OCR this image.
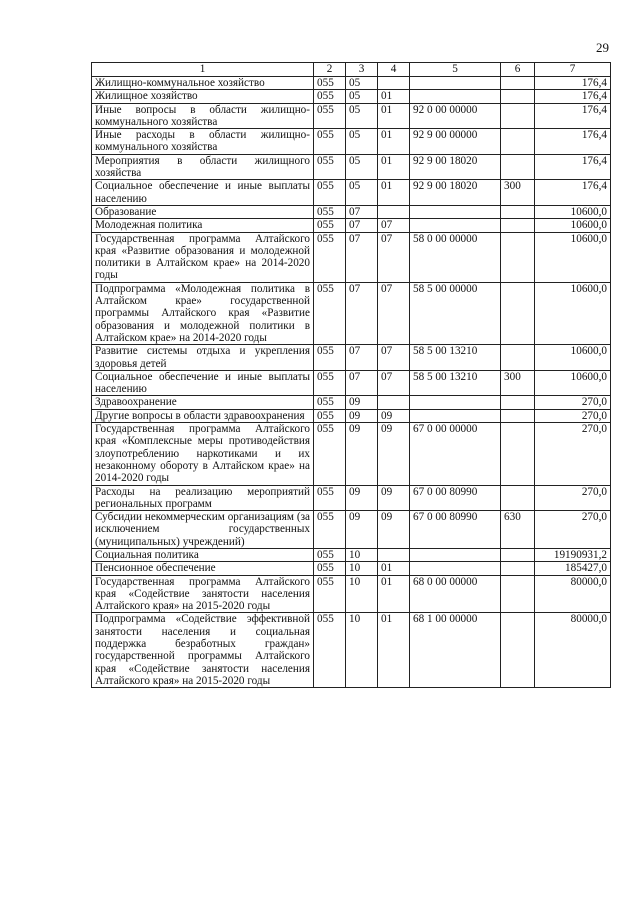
29
1	2	3	4	5	6	7
Жилищно-коммунальное хозяйство	055	05				176,4
Жилищное хозяйство	055	05	01			176,4
Иные вопросы в области жилищно-коммунального хозяйства	055	05	01	92 0 00 00000		176,4
Иные расходы в области жилищно-коммунального хозяйства	055	05	01	92 9 00 00000		176,4
Мероприятия в области жилищного хозяйства	055	05	01	92 9 00 18020		176,4
Социальное обеспечение и иные выплаты населению	055	05	01	92 9 00 18020	300	176,4
Образование	055	07				10600,0
Молодежная политика	055	07	07			10600,0
Государственная программа Алтайского края «Развитие образования и молодежной политики в Алтайском крае» на 2014-2020 годы	055	07	07	58 0 00 00000		10600,0
Подпрограмма «Молодежная политика в Алтайском крае» государственной программы Алтайского края «Развитие образования и молодежной политики в Алтайском крае» на 2014-2020 годы	055	07	07	58 5 00 00000		10600,0
Развитие системы отдыха и укрепления здоровья детей	055	07	07	58 5 00 13210		10600,0
Социальное обеспечение и иные выплаты населению	055	07	07	58 5 00 13210	300	10600,0
Здравоохранение	055	09				270,0
Другие вопросы в области здравоохранения	055	09	09			270,0
Государственная программа Алтайского края «Комплексные меры противодействия злоупотреблению наркотиками и их незаконному обороту в Алтайском крае» на 2014-2020 годы	055	09	09	67 0 00 00000		270,0
Расходы на реализацию мероприятий региональных программ	055	09	09	67 0 00 80990		270,0
Субсидии некоммерческим организациям (за исключением государственных (муниципальных) учреждений)	055	09	09	67 0 00 80990	630	270,0
Социальная политика	055	10				19190931,2
Пенсионное обеспечение	055	10	01			185427,0
Государственная программа Алтайского края «Содействие занятости населения Алтайского края» на 2015-2020 годы	055	10	01	68 0 00 00000		80000,0
Подпрограмма «Содействие эффективной занятости населения и социальная поддержка безработных граждан» государственной программы Алтайского края «Содействие занятости населения Алтайского края» на 2015-2020 годы	055	10	01	68 1 00 00000		80000,0
